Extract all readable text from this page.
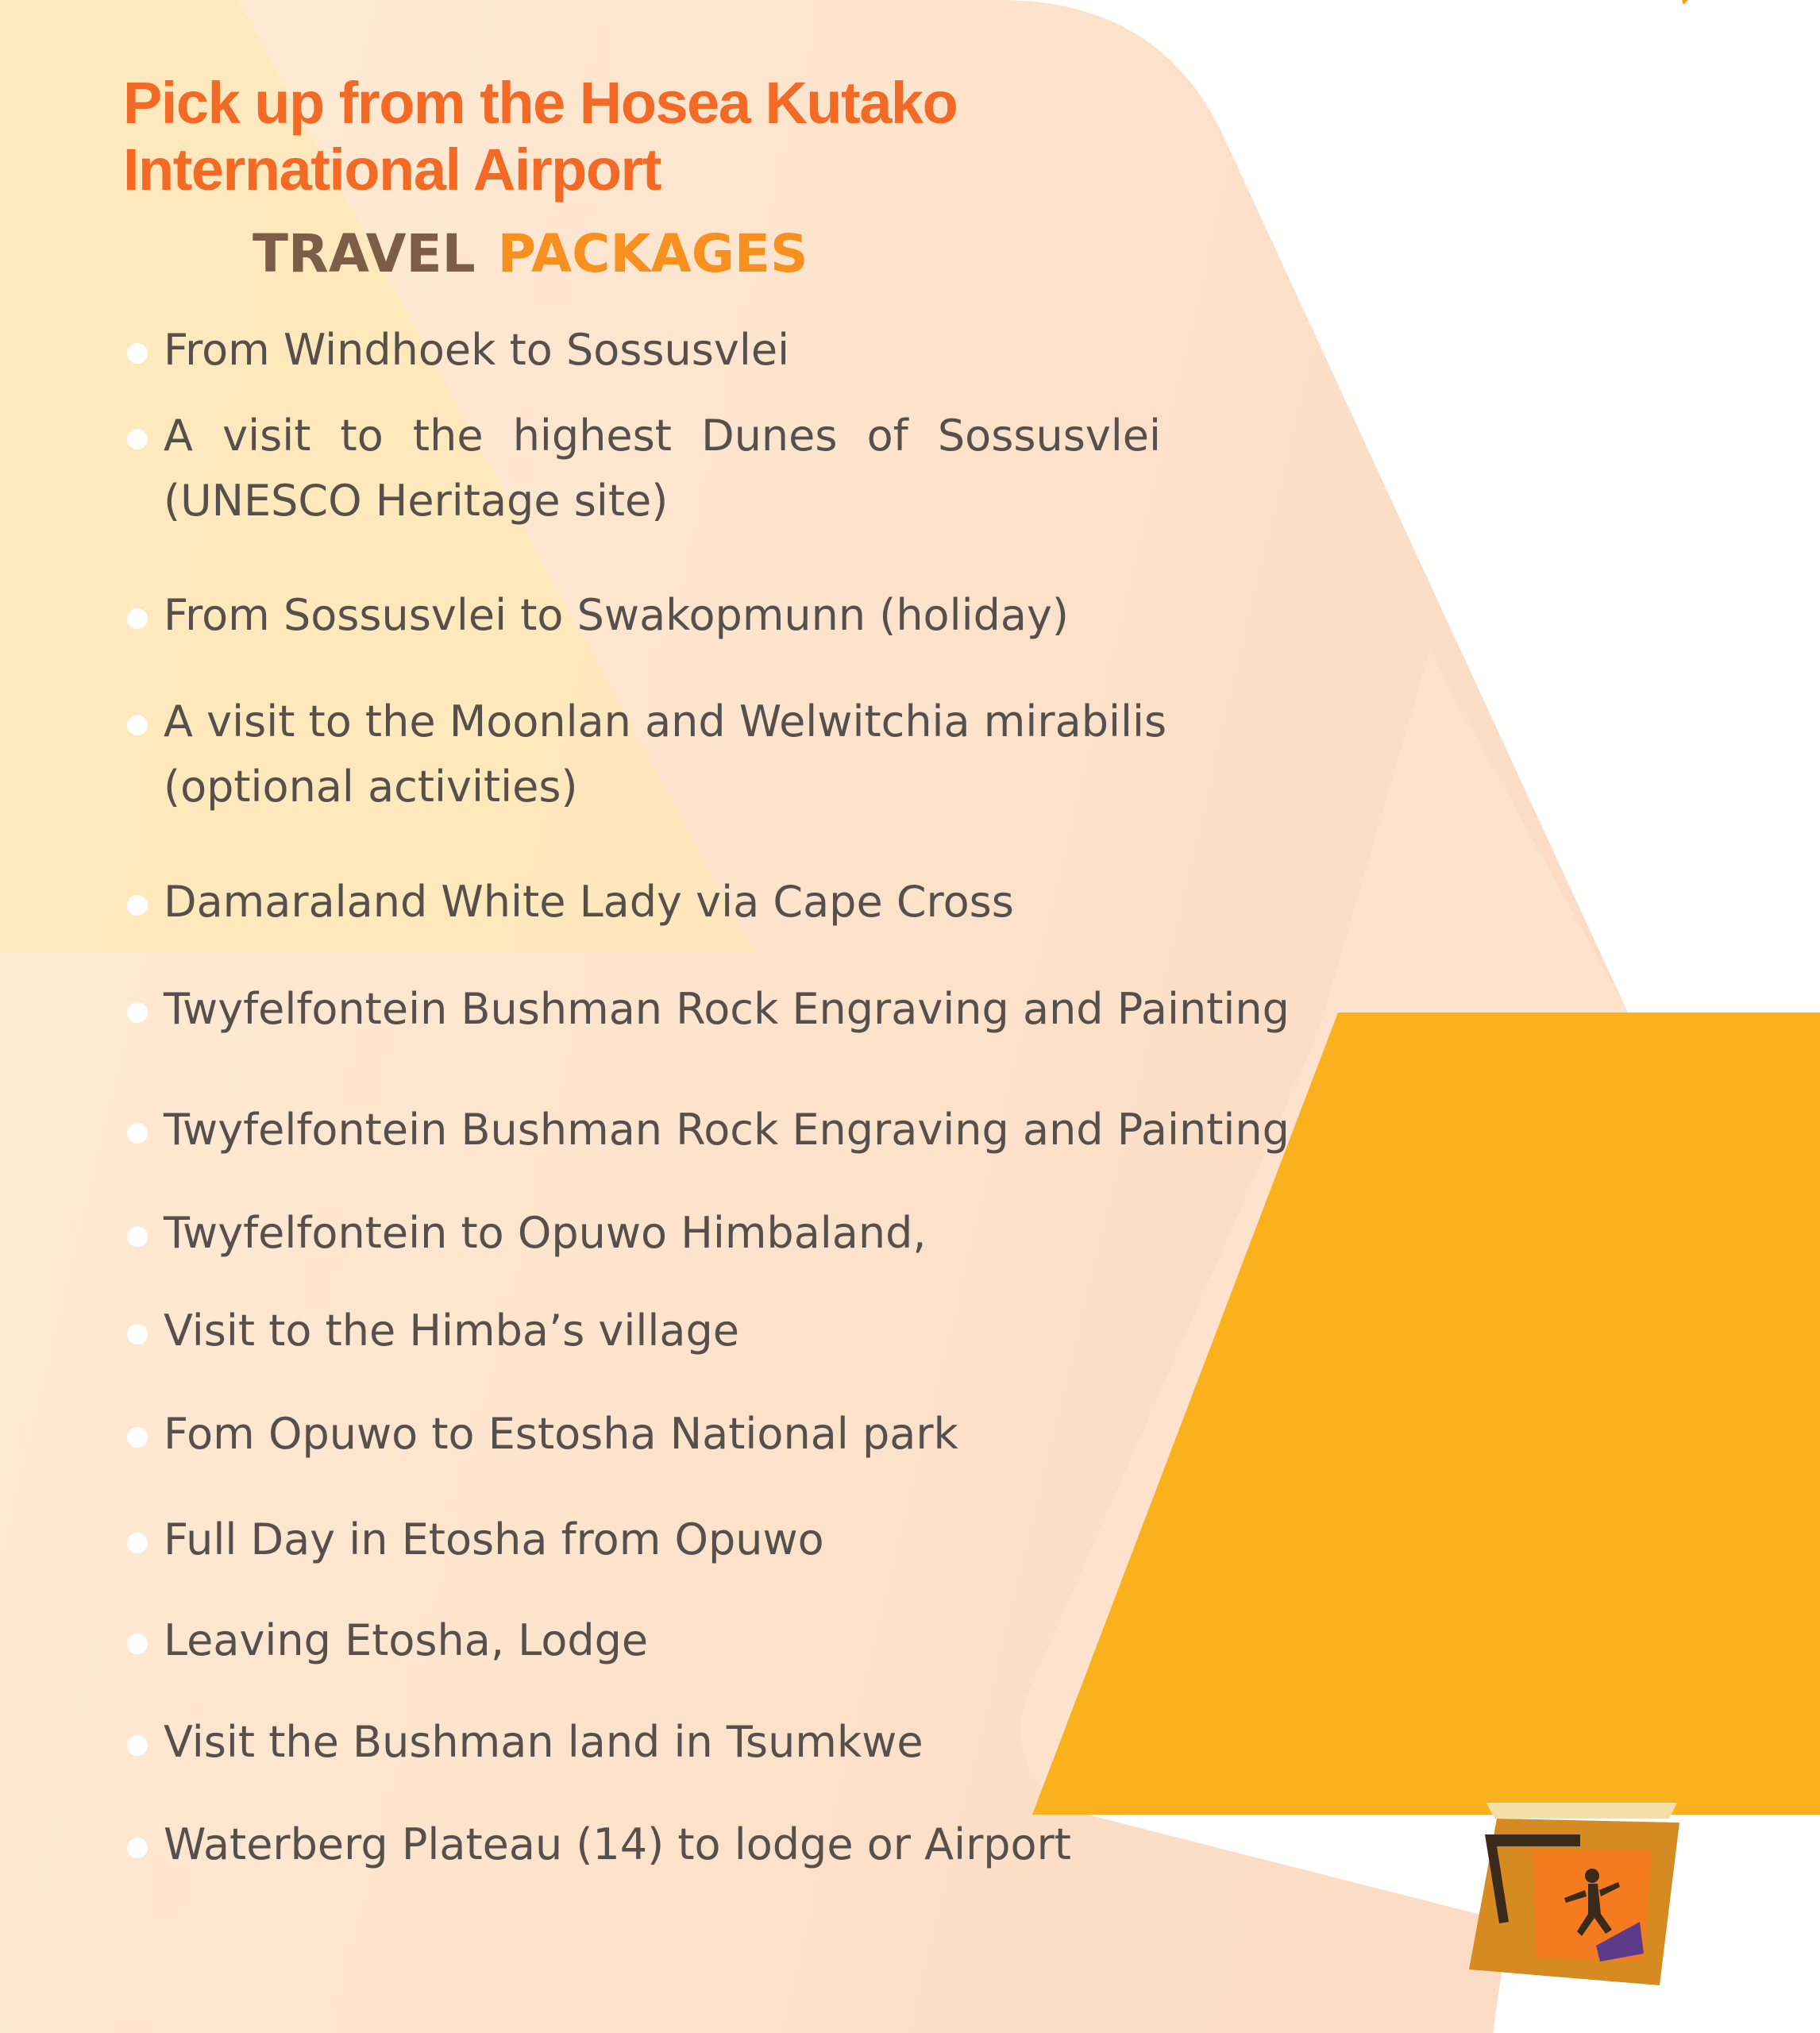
Pick up from the Hosea Kutako
International Airport
TRAVEL PACKAGES
From Windhoek to Sossusvlei
A visit to the highest Dunes of Sossusvlei
(UNESCO Heritage site)
From Sossusvlei to Swakopmunn (holiday)
A visit to the Moonlan and Welwitchia mirabilis
(optional activities)
Damaraland White Lady via Cape Cross
Twyfelfontein Bushman Rock Engraving and Painting
Twyfelfontein Bushman Rock Engraving and Painting
Twyfelfontein to Opuwo Himbaland,
Visit to the Himba’s village
Fom Opuwo to Estosha National park
Full Day in Etosha from Opuwo
Leaving Etosha, Lodge
Visit the Bushman land in Tsumkwe
Waterberg Plateau (14) to lodge or Airport
